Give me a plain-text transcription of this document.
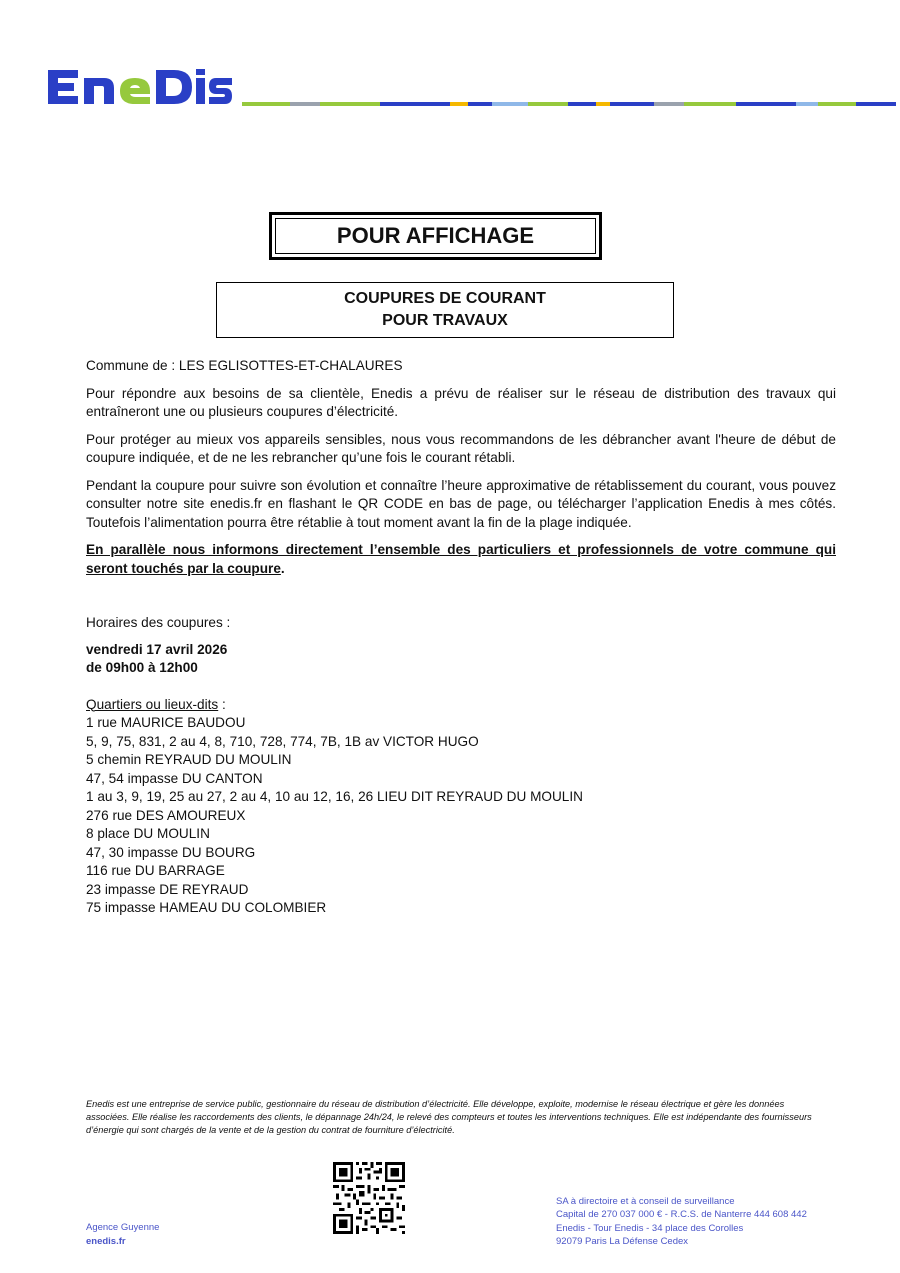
POUR AFFICHAGE
COUPURES DE COURANT
POUR TRAVAUX

Commune de : LES EGLISOTTES-ET-CHALAURES

Pour répondre aux besoins de sa clientèle, Enedis a prévu de réaliser sur le réseau de distribution des travaux qui entraîneront une ou plusieurs coupures d’électricité.

Pour protéger au mieux vos appareils sensibles, nous vous recommandons de les débrancher avant l'heure de début de coupure indiquée, et de ne les rebrancher qu’une fois le courant rétabli.

Pendant la coupure pour suivre son évolution et connaître l’heure approximative de rétablissement du courant, vous pouvez consulter notre site enedis.fr en flashant le QR CODE en bas de page, ou télécharger l’application Enedis à mes côtés. Toutefois l’alimentation pourra être rétablie à tout moment avant la fin de la plage indiquée.

En parallèle nous informons directement l’ensemble des particuliers et professionnels de votre commune qui seront touchés par la coupure.

Horaires des coupures :

vendredi 17 avril 2026

de 09h00 à 12h00

Quartiers ou lieux-dits :

1 rue MAURICE BAUDOU
5, 9, 75, 831, 2 au 4, 8, 710, 728, 774, 7B, 1B av VICTOR HUGO
5 chemin REYRAUD DU MOULIN
47, 54 impasse DU CANTON
1 au 3, 9, 19, 25 au 27, 2 au 4, 10 au 12, 16, 26 LIEU DIT REYRAUD DU MOULIN
276 rue DES AMOUREUX
8 place DU MOULIN
47, 30 impasse DU BOURG
116 rue DU BARRAGE
23 impasse DE REYRAUD
75 impasse HAMEAU DU COLOMBIER
Enedis est une entreprise de service public, gestionnaire du réseau de distribution d’électricité. Elle développe, exploite, modernise le réseau électrique et gère les données associées. Elle réalise les raccordements des clients, le dépannage 24h/24, le relevé des compteurs et toutes les interventions techniques. Elle est indépendante des fournisseurs d’énergie qui sont chargés de la vente et de la gestion du contrat de fourniture d’électricité.
Agence Guyenne
enedis.fr
SA à directoire et à conseil de surveillance
Capital de 270 037 000 € - R.C.S. de Nanterre 444 608 442
Enedis - Tour Enedis - 34 place des Corolles
92079 Paris La Défense Cedex
